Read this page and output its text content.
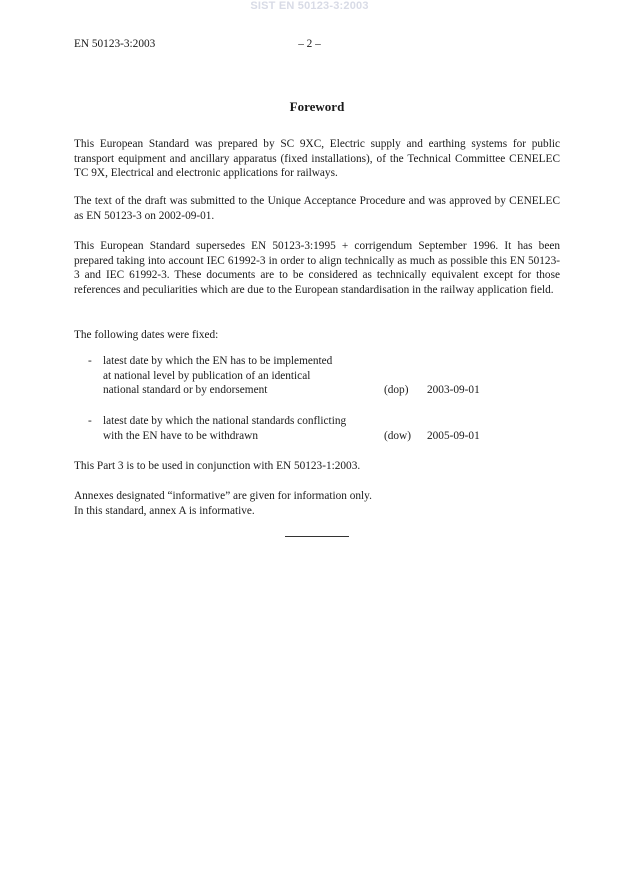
SIST EN 50123-3:2003
EN 50123-3:2003	– 2 –
Foreword

This European Standard was prepared by SC 9XC, Electric supply and earthing systems for public transport equipment and ancillary apparatus (fixed installations), of the Technical Committee CENELEC TC 9X, Electrical and electronic applications for railways.

The text of the draft was submitted to the Unique Acceptance Procedure and was approved by CENELEC as EN 50123-3 on 2002-09-01.

This European Standard supersedes EN 50123-3:1995 + corrigendum September 1996. It has been prepared taking into account IEC 61992-3 in order to align technically as much as possible this EN 50123-3 and IEC 61992-3. These documents are to be considered as technically equivalent except for those references and peculiarities which are due to the European standardisation in the railway application field.

The following dates were fixed:

- latest date by which the EN has to be implemented
at national level by publication of an identical
national standard or by endorsement	(dop) 2003-09-01
- latest date by which the national standards conflicting
with the EN have to be withdrawn	(dow) 2005-09-01

This Part 3 is to be used in conjunction with EN 50123-1:2003.

Annexes designated “informative” are given for information only.

In this standard, annex A is informative.
